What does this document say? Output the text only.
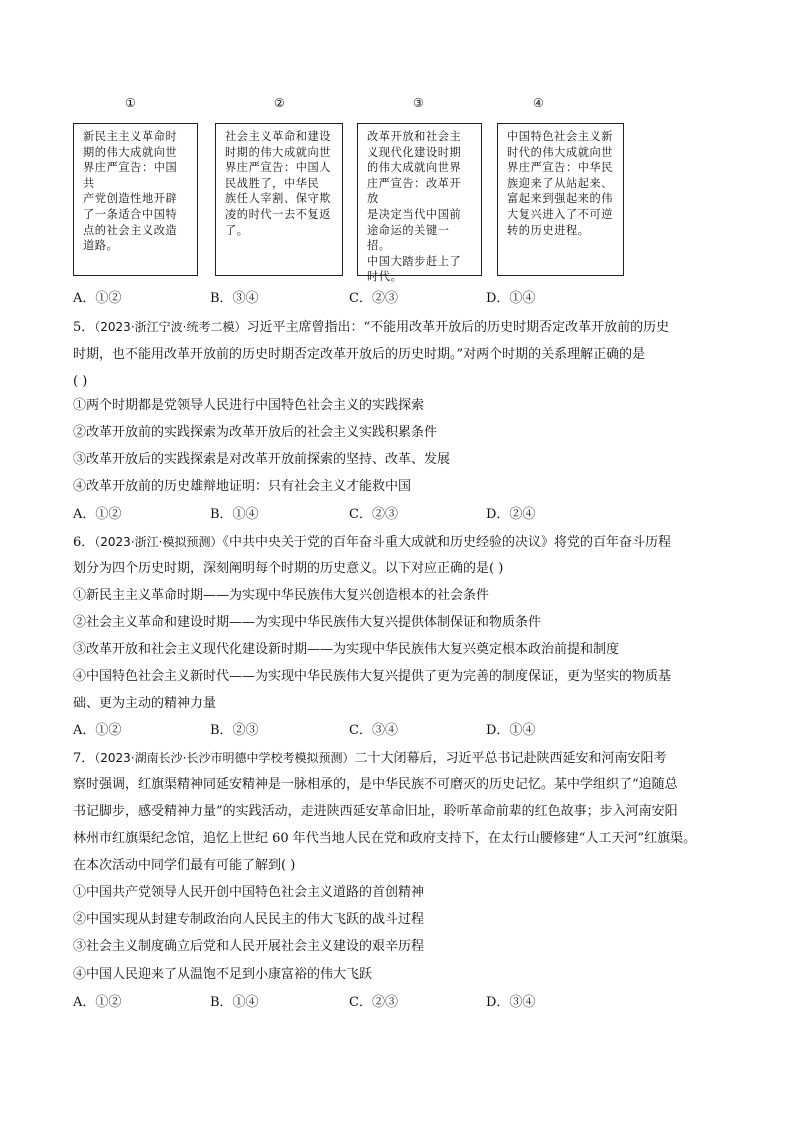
①	②	③	④
新民主主义革命时
期的伟大成就向世
界庄严宣告：中国共
产党创造性地开辟
了一条适合中国特
点的社会主义改造
道路。
社会主义革命和建设
时期的伟大成就向世
界庄严宣告：中国人
民战胜了，中华民
族任人宰割、保守欺
凌的时代一去不复返
了。
改革开放和社会主
义现代化建设时期
的伟大成就向世界
庄严宣告：改革开放
是决定当代中国前
途命运的关键一招。
中国大踏步赶上了
时代。
中国特色社会主义新
时代的伟大成就向世
界庄严宣告：中华民
族迎来了从站起来、
富起来到强起来的伟
大复兴进入了不可逆
转的历史进程。
A．①②	B．③④	C．②③	D．①④
5．（2023·浙江宁波·统考二模）习近平主席曾指出：“不能用改革开放后的历史时期否定改革开放前的历史
时期，也不能用改革开放前的历史时期否定改革开放后的历史时期。”对两个时期的关系理解正确的是
( )
①两个时期都是党领导人民进行中国特色社会主义的实践探索
②改革开放前的实践探索为改革开放后的社会主义实践积累条件
③改革开放后的实践探索是对改革开放前探索的坚持、改革、发展
④改革开放前的历史雄辩地证明：只有社会主义才能救中国
A．①②	B．①④	C．②③	D．②④
6．（2023·浙江·模拟预测）《中共中央关于党的百年奋斗重大成就和历史经验的决议》将党的百年奋斗历程
划分为四个历史时期，深刻阐明每个时期的历史意义。以下对应正确的是( )
①新民主主义革命时期——为实现中华民族伟大复兴创造根本的社会条件
②社会主义革命和建设时期——为实现中华民族伟大复兴提供体制保证和物质条件
③改革开放和社会主义现代化建设新时期——为实现中华民族伟大复兴奠定根本政治前提和制度
④中国特色社会主义新时代——为实现中华民族伟大复兴提供了更为完善的制度保证，更为坚实的物质基
础、更为主动的精神力量
A．①②	B．②③	C．③④	D．①④
7．（2023·湖南长沙·长沙市明德中学校考模拟预测）二十大闭幕后，习近平总书记赴陕西延安和河南安阳考
察时强调，红旗渠精神同延安精神是一脉相承的，是中华民族不可磨灭的历史记忆。某中学组织了“追随总
书记脚步，感受精神力量”的实践活动，走进陕西延安革命旧址，聆听革命前辈的红色故事；步入河南安阳
林州市红旗渠纪念馆，追忆上世纪 60 年代当地人民在党和政府支持下，在太行山腰修建“人工天河”红旗渠。
在本次活动中同学们最有可能了解到( )
①中国共产党领导人民开创中国特色社会主义道路的首创精神
②中国实现从封建专制政治向人民民主的伟大飞跃的战斗过程
③社会主义制度确立后党和人民开展社会主义建设的艰辛历程
④中国人民迎来了从温饱不足到小康富裕的伟大飞跃
A．①②	B．①④	C．②③	D．③④
